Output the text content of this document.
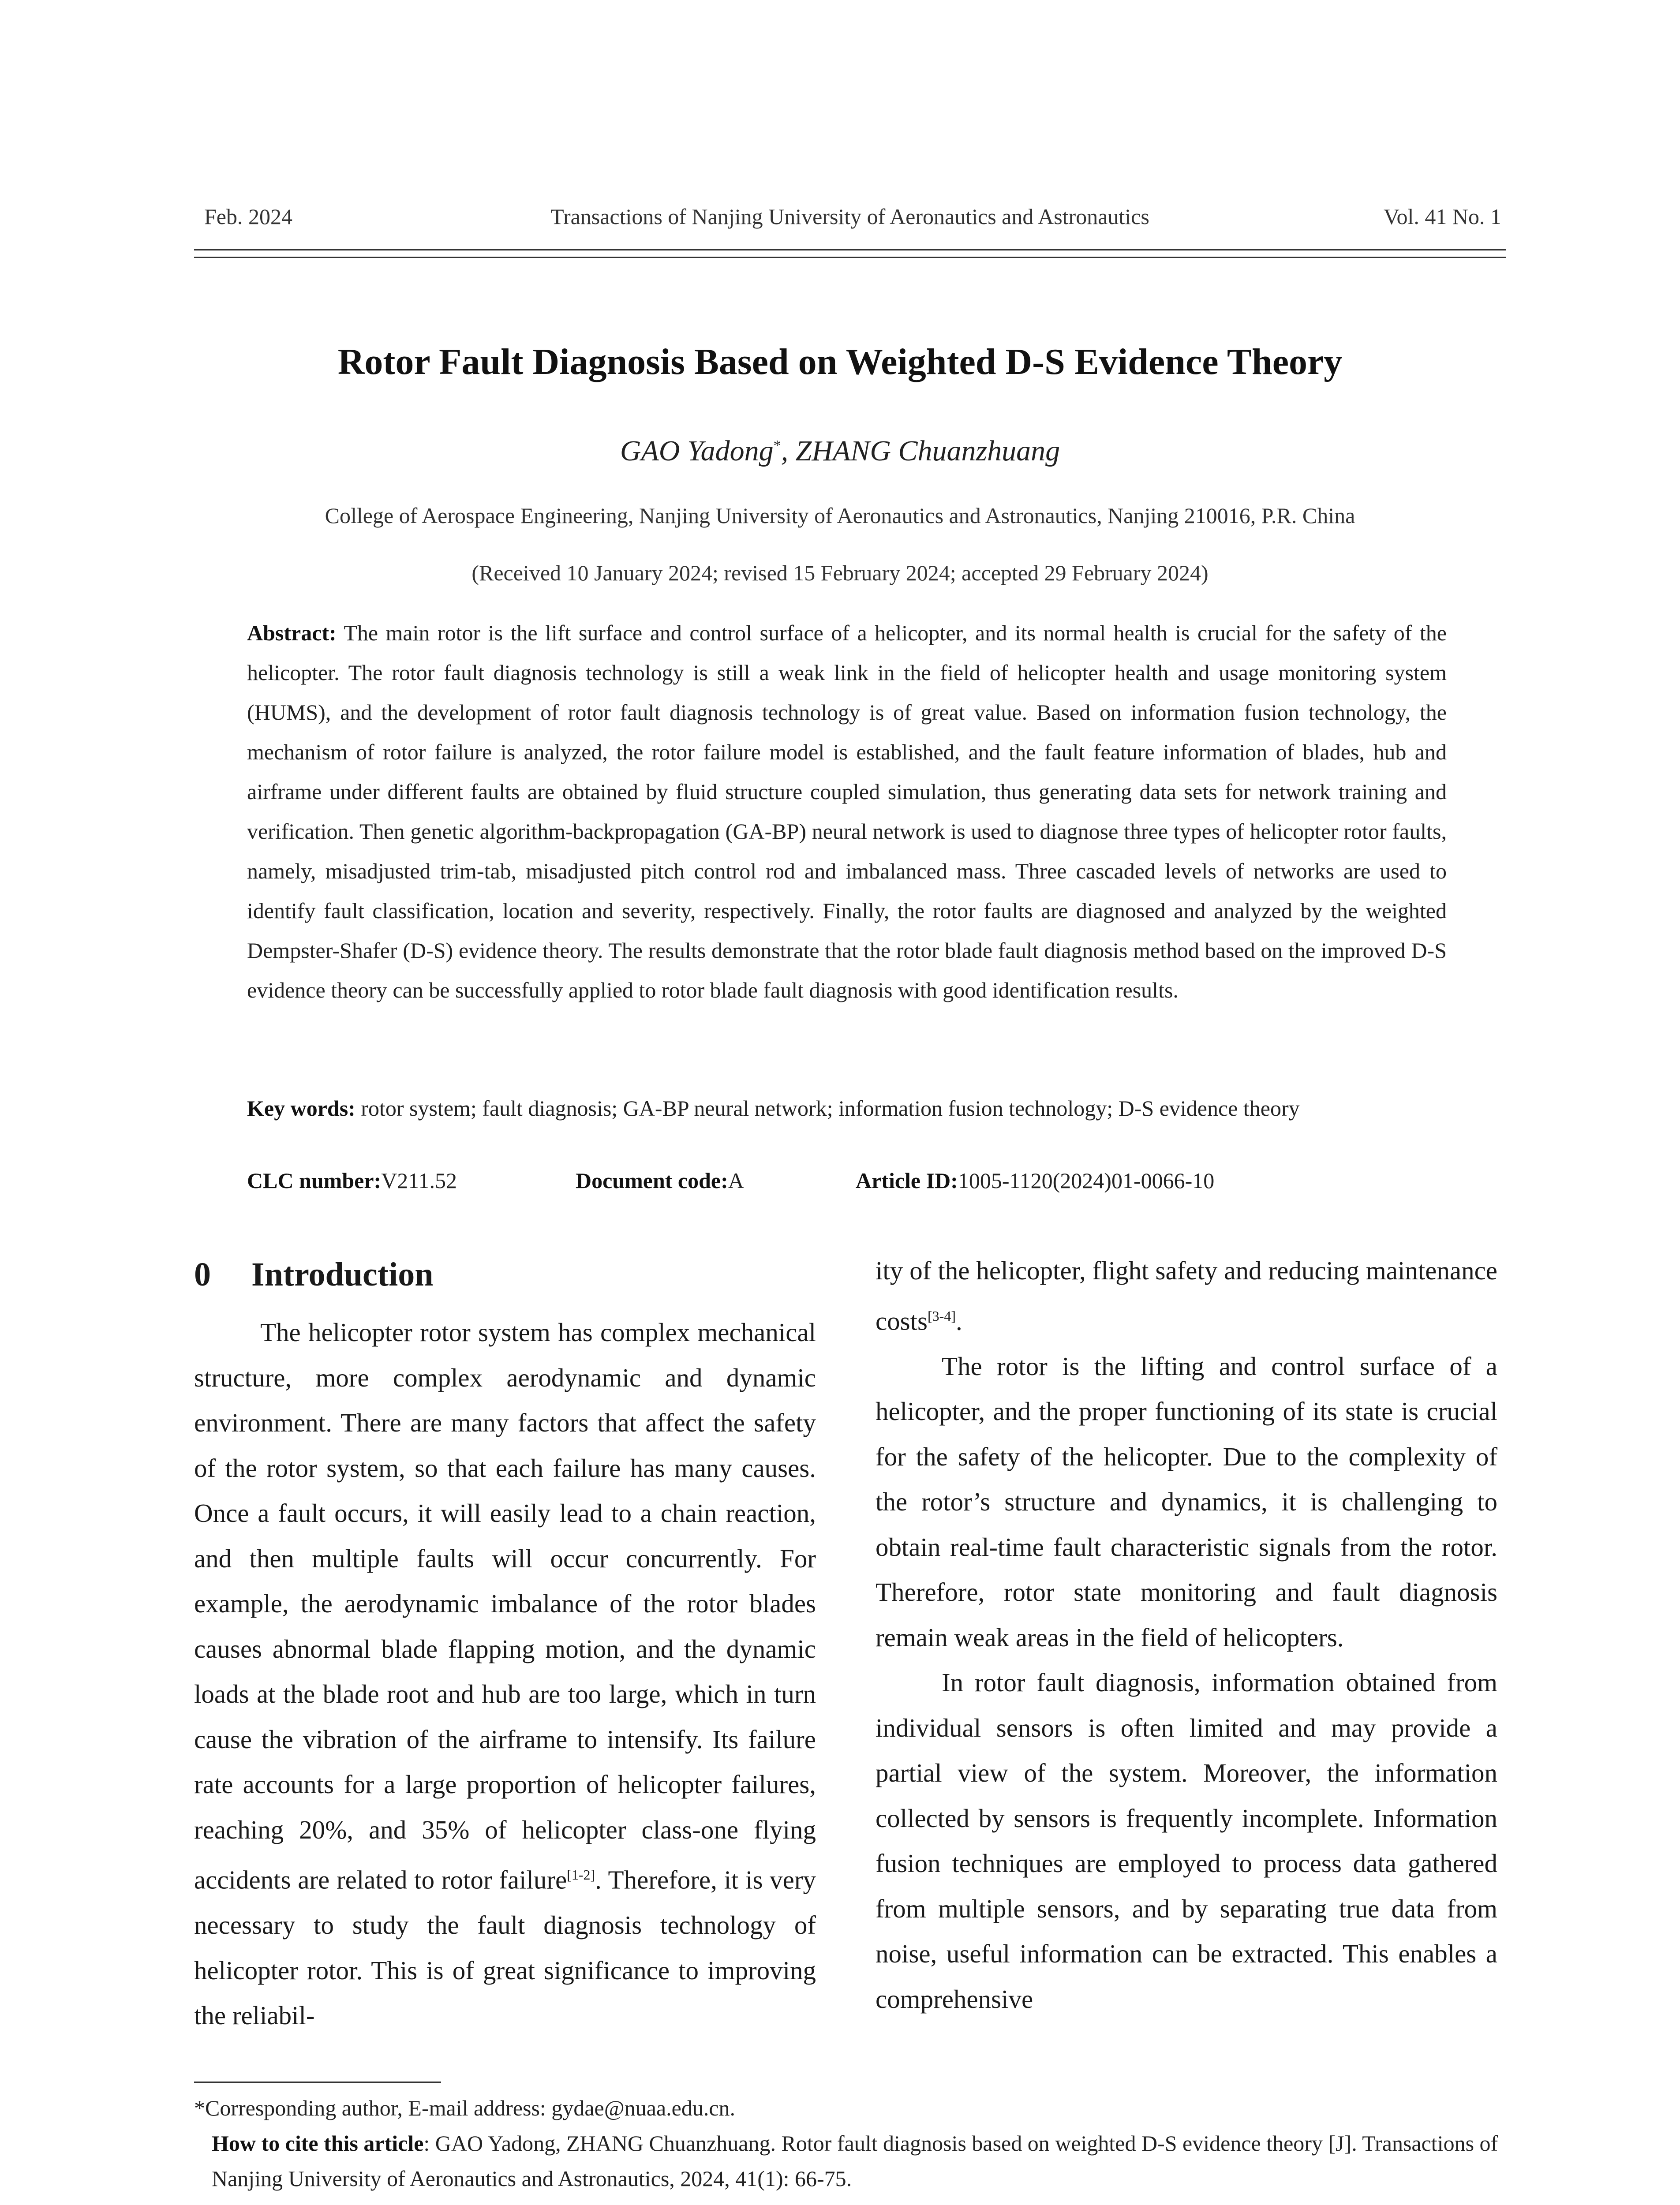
Feb. 2024	Transactions of Nanjing University of Aeronautics and Astronautics	Vol. 41 No. 1
Rotor Fault Diagnosis Based on Weighted D-S Evidence Theory
GAO Yadong*, ZHANG Chuanzhuang
College of Aerospace Engineering, Nanjing University of Aeronautics and Astronautics, Nanjing 210016, P.R. China
(Received 10 January 2024; revised 15 February 2024; accepted 29 February 2024)
Abstract: The main rotor is the lift surface and control surface of a helicopter, and its normal health is crucial for the safety of the helicopter. The rotor fault diagnosis technology is still a weak link in the field of helicopter health and usage monitoring system (HUMS), and the development of rotor fault diagnosis technology is of great value. Based on information fusion technology, the mechanism of rotor failure is analyzed, the rotor failure model is established, and the fault feature information of blades, hub and airframe under different faults are obtained by fluid structure coupled simulation, thus generating data sets for network training and verification. Then genetic algorithm-backpropagation (GA-BP) neural network is used to diagnose three types of helicopter rotor faults, namely, misadjusted trim-tab, misadjusted pitch control rod and imbalanced mass. Three cascaded levels of networks are used to identify fault classification, location and severity, respectively. Finally, the rotor faults are diagnosed and analyzed by the weighted Dempster-Shafer (D-S) evidence theory. The results demonstrate that the rotor blade fault diagnosis method based on the improved D-S evidence theory can be successfully applied to rotor blade fault diagnosis with good identification results.
Key words: rotor system; fault diagnosis; GA-BP neural network; information fusion technology; D-S evidence theory
CLC number:V211.52	Document code:A	Article ID:1005-1120(2024)01-0066-10
0 Introduction

The helicopter rotor system has complex mechanical structure, more complex aerodynamic and dynamic environment. There are many factors that affect the safety of the rotor system, so that each failure has many causes. Once a fault occurs, it will easily lead to a chain reaction, and then multiple faults will occur concurrently. For example, the aerodynamic imbalance of the rotor blades causes abnormal blade flapping motion, and the dynamic loads at the blade root and hub are too large, which in turn cause the vibration of the airframe to intensify. Its failure rate accounts for a large proportion of helicopter failures, reaching 20%, and 35% of helicopter class-one flying accidents are related to rotor failure[1-2]. Therefore, it is very necessary to study the fault diagnosis technology of helicopter rotor. This is of great significance to improving the reliabil-

ity of the helicopter, flight safety and reducing maintenance costs[3-4].

The rotor is the lifting and control surface of a helicopter, and the proper functioning of its state is crucial for the safety of the helicopter. Due to the complexity of the rotor’s structure and dynamics, it is challenging to obtain real-time fault characteristic signals from the rotor. Therefore, rotor state monitoring and fault diagnosis remain weak areas in the field of helicopters.

In rotor fault diagnosis, information obtained from individual sensors is often limited and may provide a partial view of the system. Moreover, the information collected by sensors is frequently incomplete. Information fusion techniques are employed to process data gathered from multiple sensors, and by separating true data from noise, useful information can be extracted. This enables a comprehensive

*Corresponding author, E-mail address: gydae@nuaa.edu.cn.
How to cite this article: GAO Yadong, ZHANG Chuanzhuang. Rotor fault diagnosis based on weighted D-S evidence theory [J]. Transactions of Nanjing University of Aeronautics and Astronautics, 2024, 41(1): 66-75.
